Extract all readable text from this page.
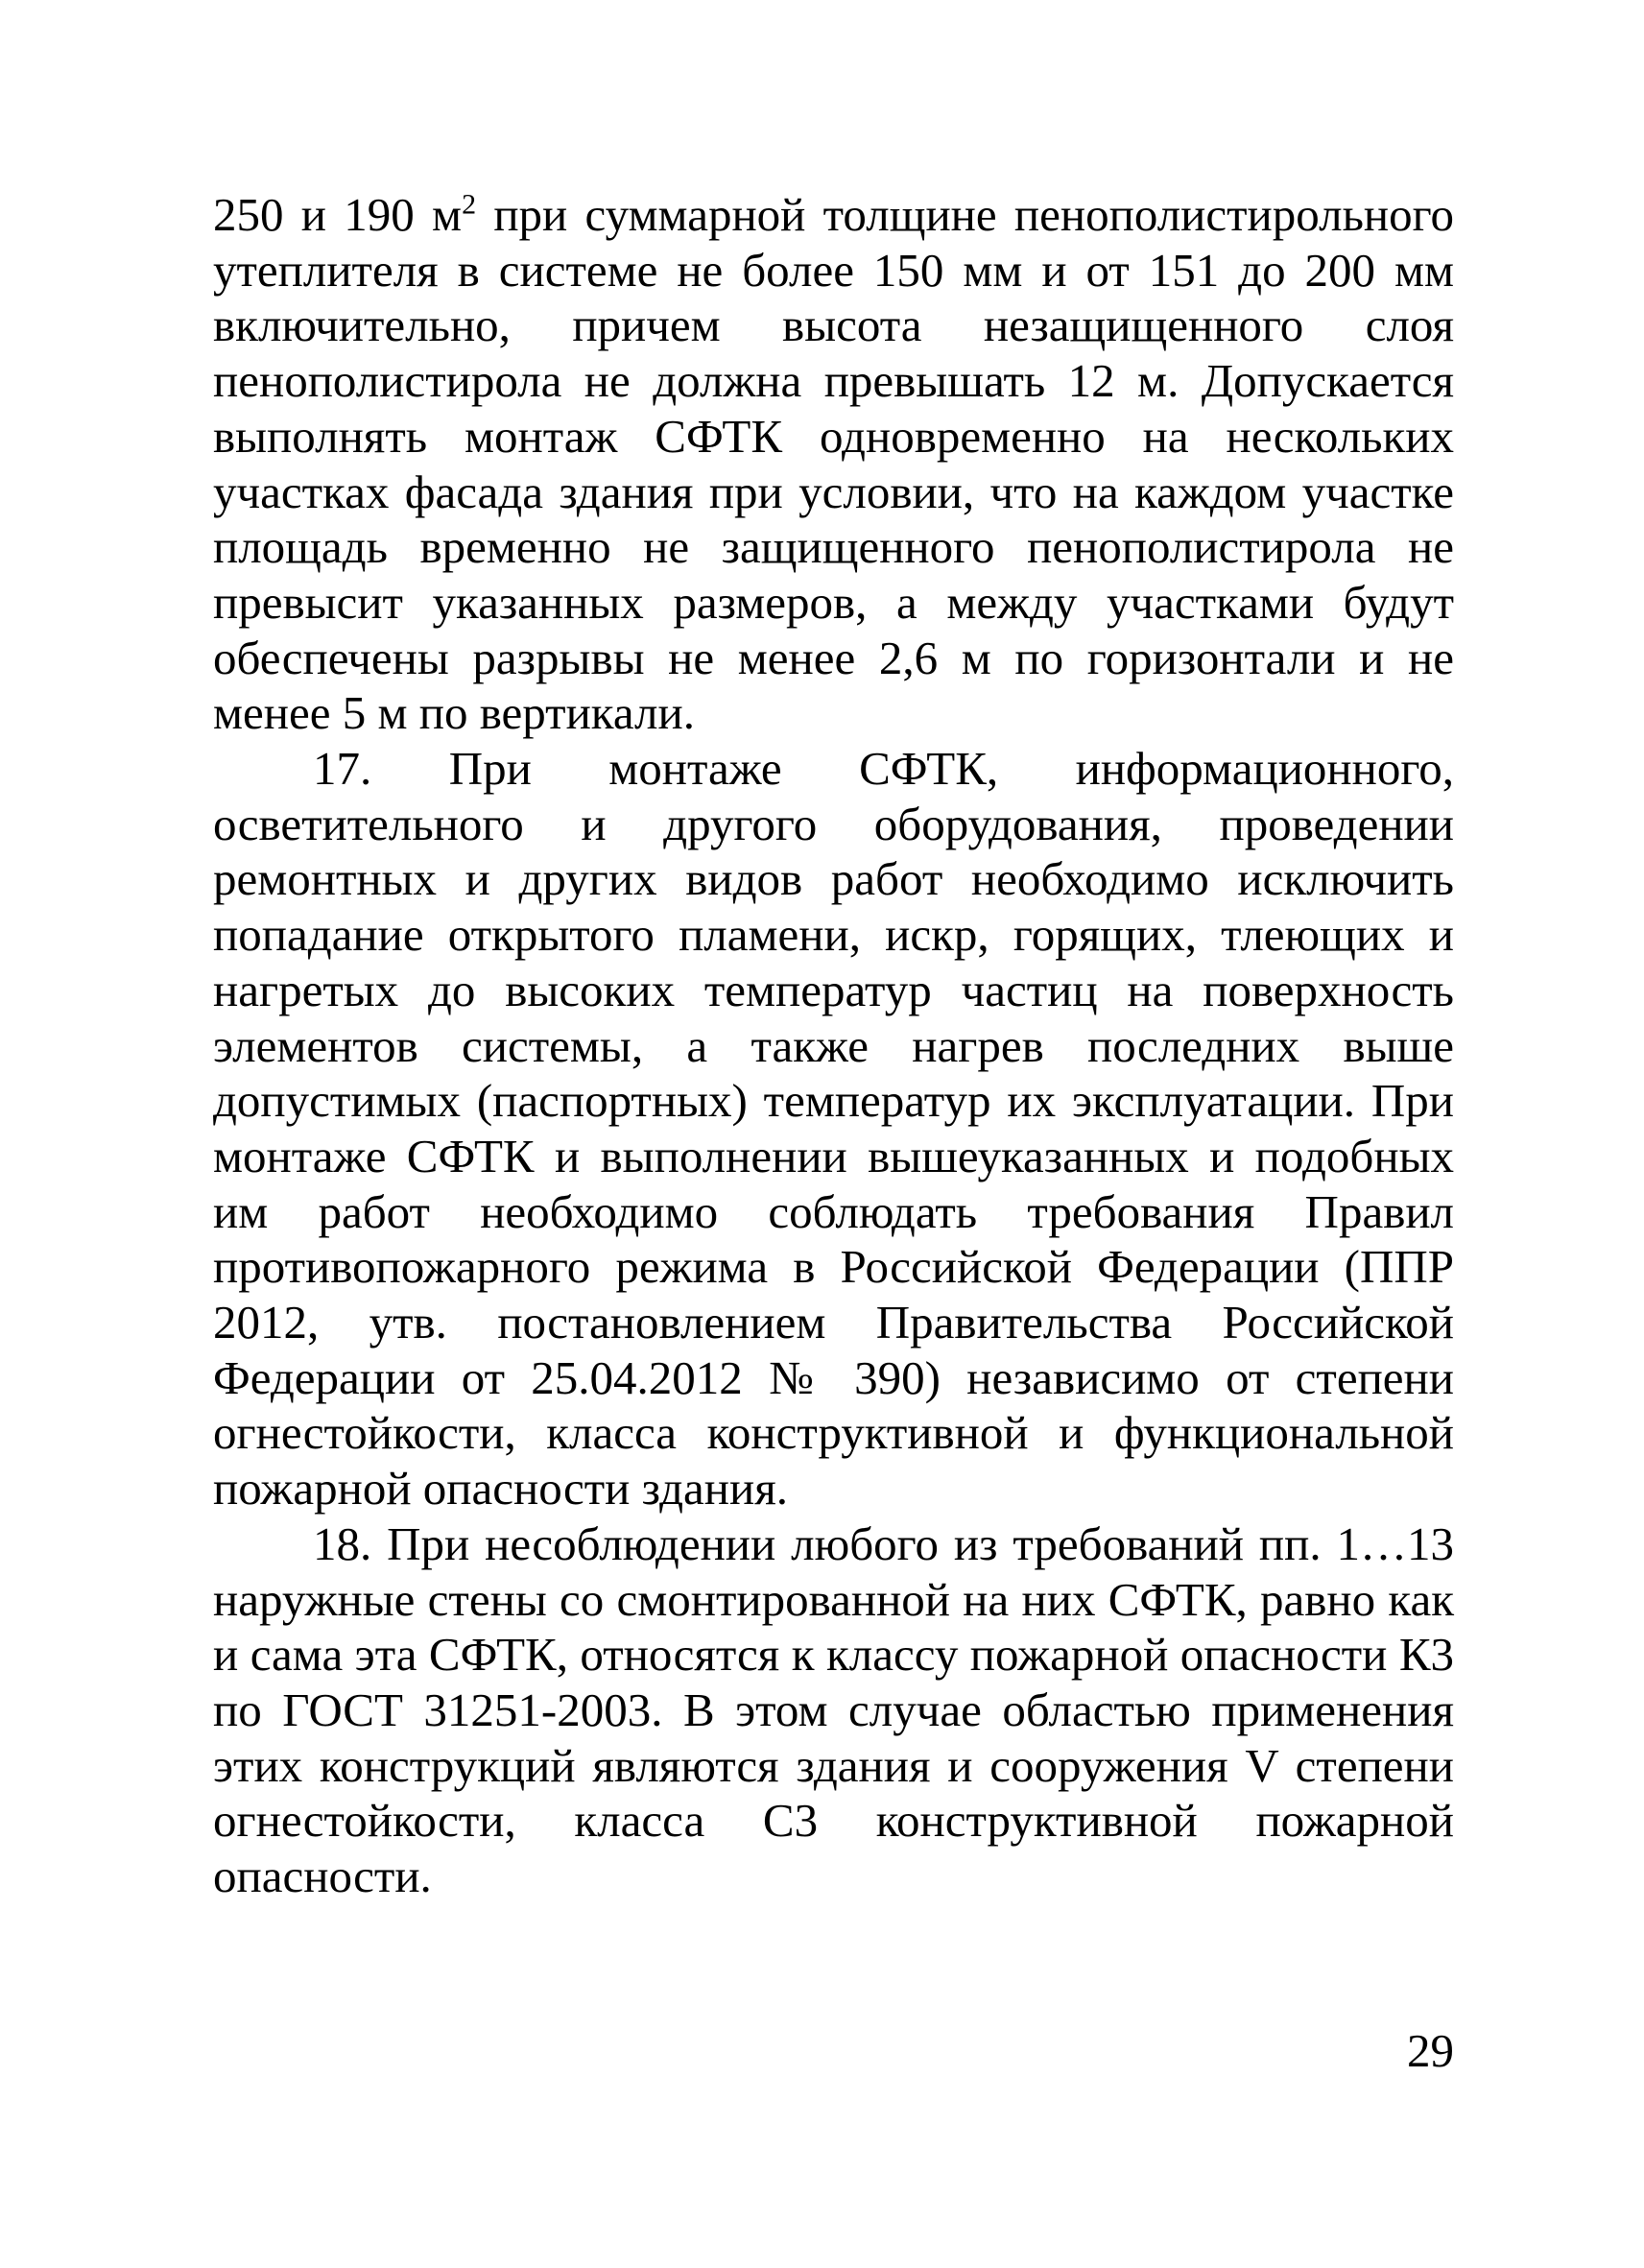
250 и 190 $м^2$ при суммарной толщине пенополистирольного утеплителя в системе не более 150 мм и от 151 до 200 мм включительно, причем высота незащищенного слоя пенополистирола не должна превышать 12 м. Допускается выполнять монтаж СФТК одновременно на нескольких участках фасада здания при условии, что на каждом участке площадь временно не защищенного пенополистирола не превысит указанных размеров, а между участками будут обеспечены разрывы не менее 2,6 м по горизонтали и не менее 5 м по вертикали.

17. При монтаже СФТК, информационного, осветительного и другого оборудования, проведении ремонтных и других видов работ необходимо исключить попадание открытого пламени, искр, горящих, тлеющих и нагретых до высоких температур частиц на поверхность элементов системы, а также нагрев последних выше допустимых (паспортных) температур их эксплуатации. При монтаже СФТК и выполнении вышеуказанных и подобных им работ необходимо соблюдать требования Правил противопожарного режима в Российской Федерации (ППР 2012, утв. постановлением Правительства Российской Федерации от 25.04.2012 № 390) независимо от степени огнестойкости, класса конструктивной и функциональной пожарной опасности здания.

18. При несоблюдении любого из требований пп. 1…13 наружные стены со смонтированной на них СФТК, равно как и сама эта СФТК, относятся к классу пожарной опасности К3 по ГОСТ 31251-2003. В этом случае областью применения этих конструкций являются здания и сооружения V степени огнестойкости, класса С3 конструктивной пожарной опасности.

29
